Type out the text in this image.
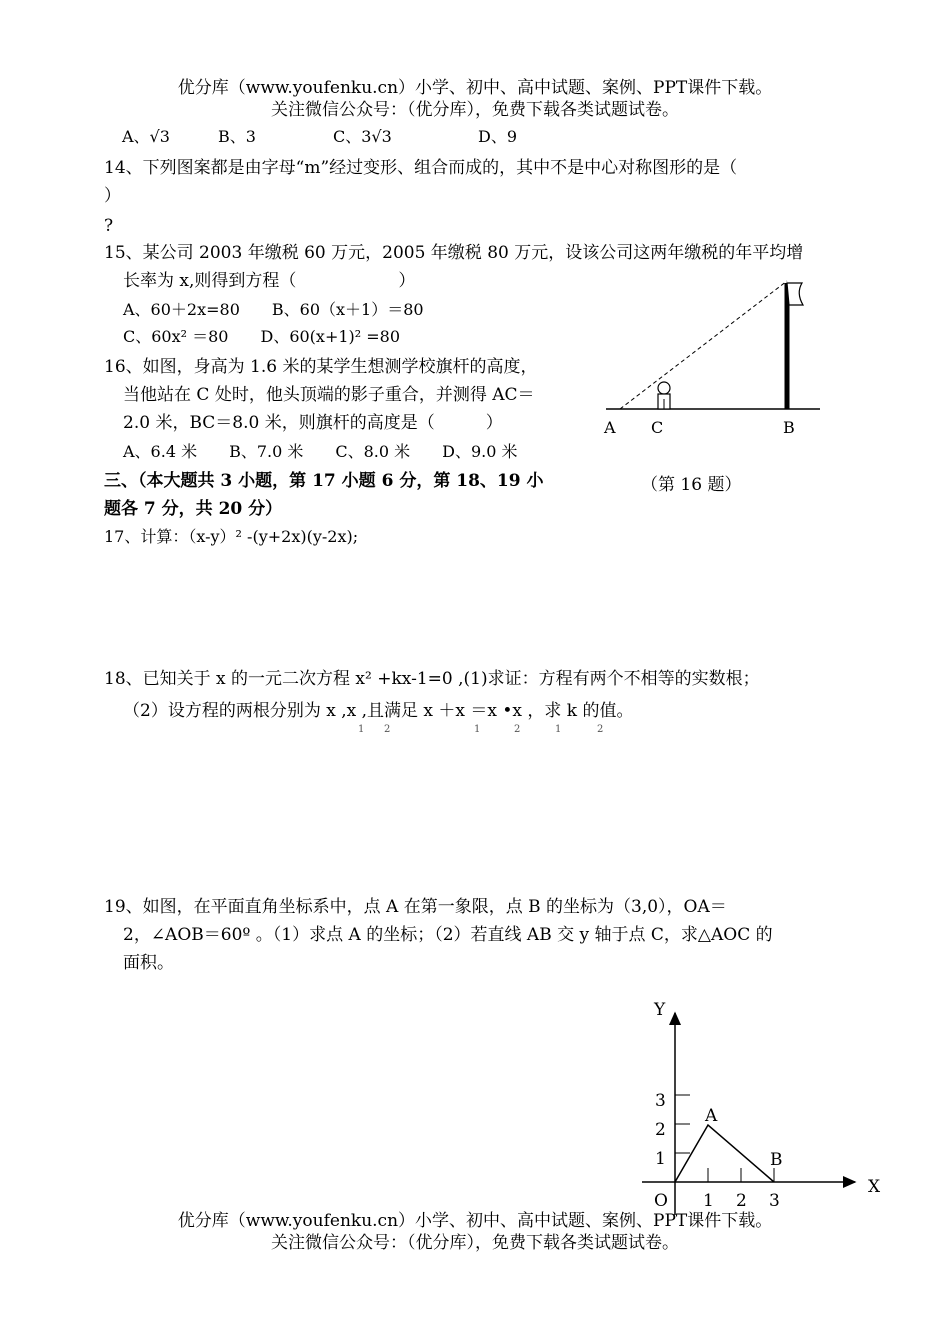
优分库（www.youfenku.cn）小学、初中、高中试题、案例、PPT课件下载。
关注微信公众号：（优分库），免费下载各类试题试卷。
A、√3	B、3	C、3√3	D、9
14、下列图案都是由字母“m”经过变形、组合而成的，其中不是中心对称图形的是（
）
?
15、某公司 2003 年缴税 60 万元，2005 年缴税 80 万元，设该公司这两年缴税的年平均增
长率为 x,则得到方程（　　　　　　）
A、60＋2x=80　　B、60（x＋1）＝80
C、60x² ＝80　　D、60(x+1)² =80
16、如图，身高为 1.6 米的某学生想测学校旗杆的高度，
当他站在 C 处时，他头顶端的影子重合，并测得 AC＝
2.0 米，BC＝8.0 米，则旗杆的高度是（　　　）
A、6.4 米　　B、7.0 米　　C、8.0 米　　D、9.0 米
A C	B
（第 16 题）
三、（本大题共 3 小题，第 17 小题 6 分，第 18、19 小
题各 7 分，共 20 分）
17、计算：（x-y）² -(y+2x)(y-2x);
18、已知关于 x 的一元二次方程 x² +kx-1=0 ,(1)求证：方程有两个不相等的实数根；
（2）设方程的两根分别为 x ,x ,且满足 x ＋x ＝x •x ，求 k 的值。
1 2	1	2	1	2
19、如图，在平面直角坐标系中，点 A 在第一象限，点 B 的坐标为（3,0），OA＝
2，∠AOB＝60º 。（1）求点 A 的坐标；（2）若直线 AB 交 y 轴于点 C，求△AOC 的
面积。
Y
X
O
A
B
1
2
3
1 2 3
优分库（www.youfenku.cn）小学、初中、高中试题、案例、PPT课件下载。
关注微信公众号：（优分库），免费下载各类试题试卷。
